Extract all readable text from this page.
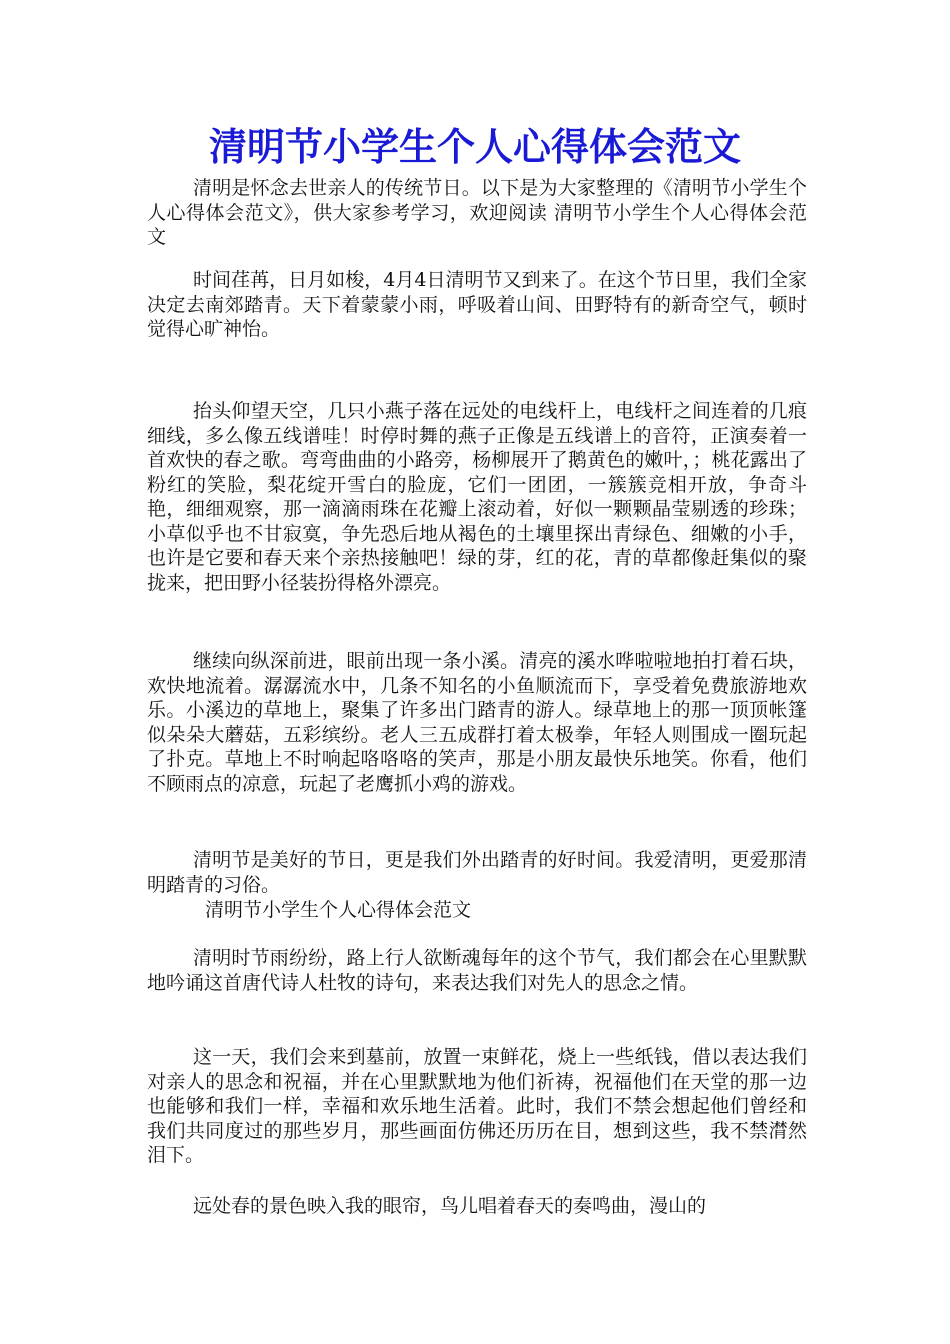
清明节小学生个人心得体会范文

清明是怀念去世亲人的传统节日。以下是为大家整理的《清明节小学生个人心得体会范文》，供大家参考学习，欢迎阅读 清明节小学生个人心得体会范文

时间荏苒，日月如梭，4月4日清明节又到来了。在这个节日里，我们全家决定去南郊踏青。天下着蒙蒙小雨，呼吸着山间、田野特有的新奇空气，顿时觉得心旷神怡。

抬头仰望天空，几只小燕子落在远处的电线杆上，电线杆之间连着的几痕细线，多么像五线谱哇！时停时舞的燕子正像是五线谱上的音符，正演奏着一首欢快的春之歌。弯弯曲曲的小路旁，杨柳展开了鹅黄色的嫩叶，；桃花露出了粉红的笑脸，梨花绽开雪白的脸庞，它们一团团，一簇簇竞相开放，争奇斗艳，细细观察，那一滴滴雨珠在花瓣上滚动着，好似一颗颗晶莹剔透的珍珠；小草似乎也不甘寂寞，争先恐后地从褐色的土壤里探出青绿色、细嫩的小手，也许是它要和春天来个亲热接触吧！绿的芽，红的花，青的草都像赶集似的聚拢来，把田野小径装扮得格外漂亮。

继续向纵深前进，眼前出现一条小溪。清亮的溪水哗啦啦地拍打着石块，欢快地流着。潺潺流水中，几条不知名的小鱼顺流而下，享受着免费旅游地欢乐。小溪边的草地上，聚集了许多出门踏青的游人。绿草地上的那一顶顶帐篷似朵朵大蘑菇，五彩缤纷。老人三五成群打着太极拳，年轻人则围成一圈玩起了扑克。草地上不时响起咯咯咯的笑声，那是小朋友最快乐地笑。你看，他们不顾雨点的凉意，玩起了老鹰抓小鸡的游戏。

清明节是美好的节日，更是我们外出踏青的好时间。我爱清明，更爱那清明踏青的习俗。

清明节小学生个人心得体会范文

清明时节雨纷纷，路上行人欲断魂每年的这个节气，我们都会在心里默默地吟诵这首唐代诗人杜牧的诗句，来表达我们对先人的思念之情。

这一天，我们会来到墓前，放置一束鲜花，烧上一些纸钱，借以表达我们对亲人的思念和祝福，并在心里默默地为他们祈祷，祝福他们在天堂的那一边也能够和我们一样，幸福和欢乐地生活着。此时，我们不禁会想起他们曾经和我们共同度过的那些岁月，那些画面仿佛还历历在目，想到这些，我不禁潸然泪下。

远处春的景色映入我的眼帘，鸟儿唱着春天的奏鸣曲，漫山的
